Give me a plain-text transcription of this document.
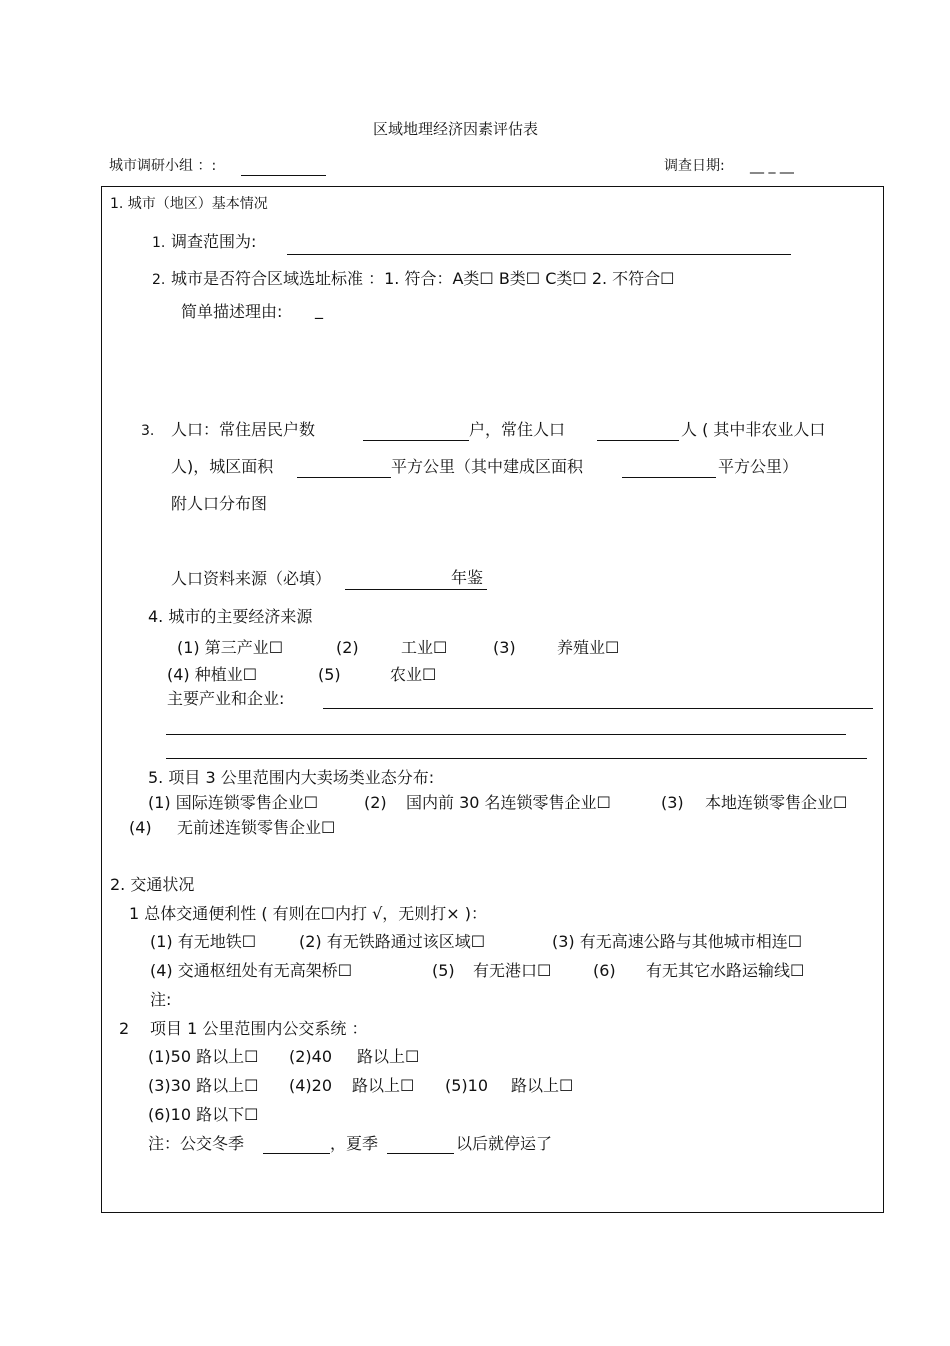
区域地理经济因素评估表
城市调研小组 ：:	调查日期: __ _ __
1. 城市（地区）基本情况
1. 调查范围为:
2. 城市是否符合区域选址标准 ：1. 符合：A类☐ B类☐ C类☐ 2. 不符合☐
简单描述理由: _
3. 人口：常住居民户数	户，常住人口	人 ( 其中非农业人口
人)，城区面积	平方公里（其中建成区面积	平方公里）
附人口分布图
人口资料来源（必填）	年鉴
4. 城市的主要经济来源
(1) 第三产业☐	(2)	工业☐	(3)	养殖业☐
(4) 种植业☐	(5)	农业☐
主要产业和企业:
5. 项目 3 公里范围内大卖场类业态分布:
(1) 国际连锁零售企业☐	(2) 国内前 30 名连锁零售企业☐	(3) 本地连锁零售企业☐
(4) 无前述连锁零售企业☐
2. 交通状况
1 总体交通便利性 ( 有则在☐内打 √，无则打× )：
(1) 有无地铁☐	(2) 有无铁路通过该区域☐	(3) 有无高速公路与其他城市相连☐
(4) 交通枢纽处有无高架桥☐	(5) 有无港口☐	(6) 有无其它水路运输线☐
注:
2 项目 1 公里范围内公交系统 ：
(1)50 路以上☐ (2)40 路以上☐
(3)30 路以上☐ (4)20 路以上☐ (5)10 路以上☐
(6)10 路以下☐
注：公交冬季	，夏季	以后就停运了
